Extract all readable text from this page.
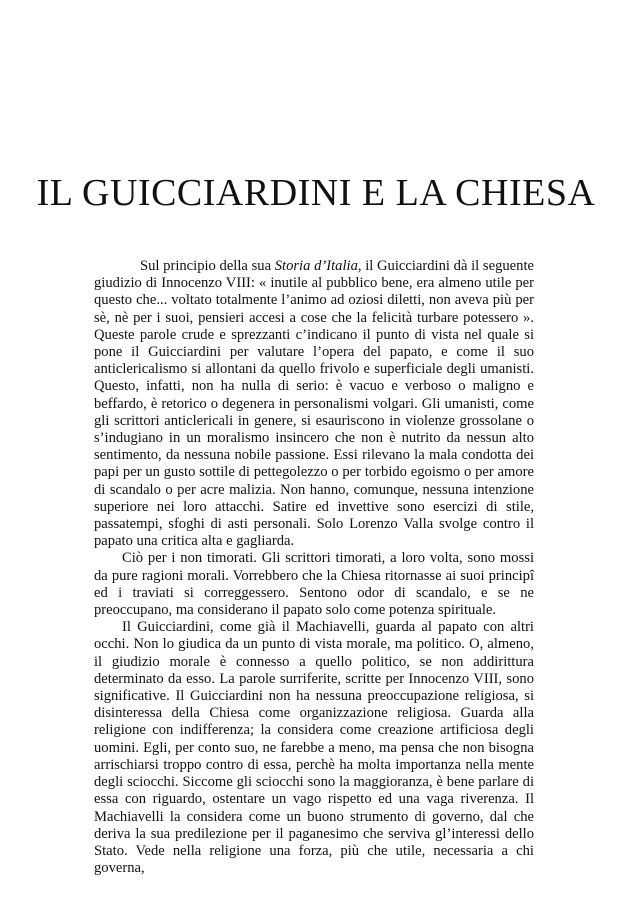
IL GUICCIARDINI E LA CHIESA

Sul principio della sua Storia d’Italia, il Guicciardini dà il seguente giudizio di Innocenzo VIII: « inutile al pubblico bene, era almeno utile per questo che... voltato totalmente l’animo ad oziosi diletti, non aveva più per sè, nè per i suoi, pensieri accesi a cose che la felicità turbare potessero ». Queste parole crude e sprezzanti c’indicano il punto di vista nel quale si pone il Guicciardini per valutare l’opera del papato, e come il suo anticlericalismo si allontani da quello frivolo e superficiale degli umanisti. Questo, infatti, non ha nulla di serio: è vacuo e verboso o maligno e beffardo, è retorico o degenera in personalismi volgari. Gli umanisti, come gli scrittori anticlericali in genere, si esauriscono in violenze grossolane o s’indugiano in un moralismo insincero che non è nutrito da nessun alto sentimento, da nessuna nobile passione. Essi rilevano la mala condotta dei papi per un gusto sottile di pettegolezzo o per torbido egoismo o per amore di scandalo o per acre malizia. Non hanno, comunque, nessuna intenzione superiore nei loro attacchi. Satire ed invettive sono esercizi di stile, passatempi, sfoghi di asti personali. Solo Lorenzo Valla svolge contro il papato una critica alta e gagliarda.

Ciò per i non timorati. Gli scrittori timorati, a loro volta, sono mossi da pure ragioni morali. Vorrebbero che la Chiesa ritornasse ai suoi principî ed i traviati si correggessero. Sentono odor di scandalo, e se ne preoccupano, ma considerano il papato solo come potenza spirituale.

Il Guicciardini, come già il Machiavelli, guarda al papato con altri occhi. Non lo giudica da un punto di vista morale, ma politico. O, almeno, il giudizio morale è connesso a quello politico, se non addirittura determinato da esso. La parole surriferite, scritte per Innocenzo VIII, sono significative. Il Guicciardini non ha nessuna preoccupazione religiosa, si disinteressa della Chiesa come organizzazione religiosa. Guarda alla religione con indifferenza; la considera come creazione artificiosa degli uomini. Egli, per conto suo, ne farebbe a meno, ma pensa che non bisogna arrischiarsi troppo contro di essa, perchè ha molta importanza nella mente degli sciocchi. Siccome gli sciocchi sono la maggioranza, è bene parlare di essa con riguardo, ostentare un vago rispetto ed una vaga riverenza. Il Machiavelli la considera come un buono strumento di governo, dal che deriva la sua predilezione per il paganesimo che serviva gl’interessi dello Stato. Vede nella religione una forza, più che utile, necessaria a chi governa,
